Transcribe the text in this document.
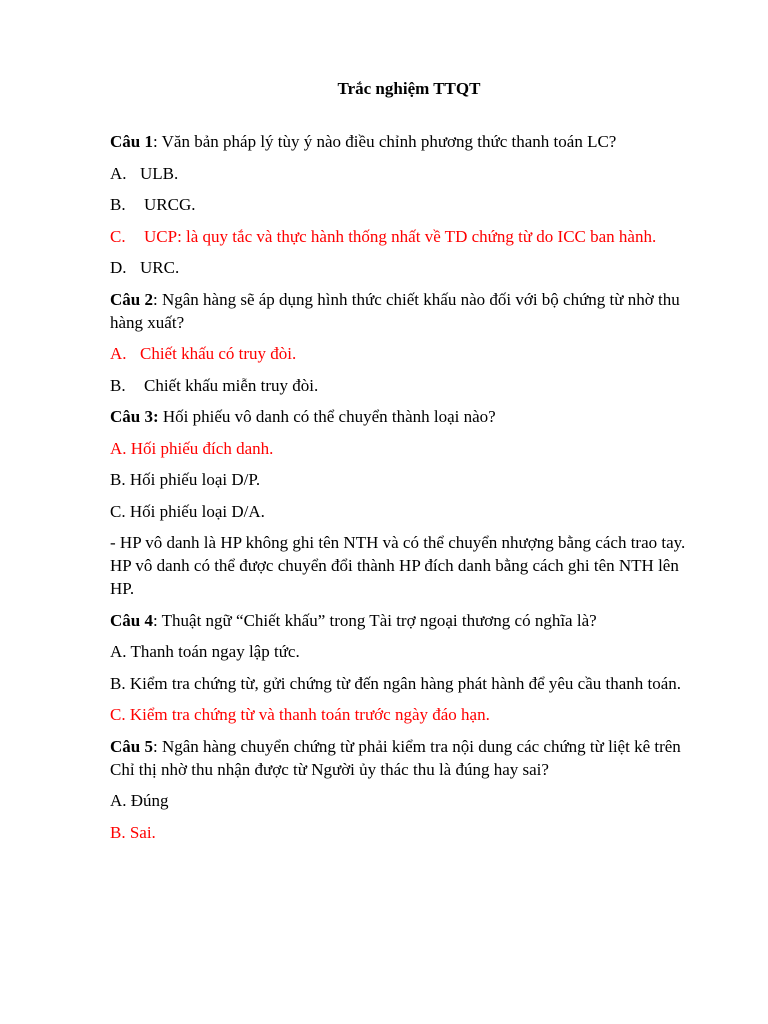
Trắc nghiệm TTQT
Câu 1: Văn bản pháp lý tùy ý nào điều chỉnh phương thức thanh toán LC?
A. ULB.
B. URCG.
C. UCP: là quy tắc và thực hành thống nhất về TD chứng từ do ICC ban hành.
D. URC.
Câu 2: Ngân hàng sẽ áp dụng hình thức chiết khấu nào đối với bộ chứng từ nhờ thu hàng xuất?
A. Chiết khấu có truy đòi.
B. Chiết khấu miễn truy đòi.
Câu 3: Hối phiếu vô danh có thể chuyển thành loại nào?
A. Hối phiếu đích danh.
B. Hối phiếu loại D/P.
C. Hối phiếu loại D/A.
- HP vô danh là HP không ghi tên NTH và có thể chuyển nhượng bằng cách trao tay. HP vô danh có thể được chuyển đổi thành HP đích danh bằng cách ghi tên NTH lên HP.
Câu 4: Thuật ngữ “Chiết khấu” trong Tài trợ ngoại thương có nghĩa là?
A. Thanh toán ngay lập tức.
B. Kiểm tra chứng từ, gửi chứng từ đến ngân hàng phát hành để yêu cầu thanh toán.
C. Kiểm tra chứng từ và thanh toán trước ngày đáo hạn.
Câu 5: Ngân hàng chuyển chứng từ phải kiểm tra nội dung các chứng từ liệt kê trên Chỉ thị nhờ thu nhận được từ Người ủy thác thu là đúng hay sai?
A. Đúng
B. Sai.
